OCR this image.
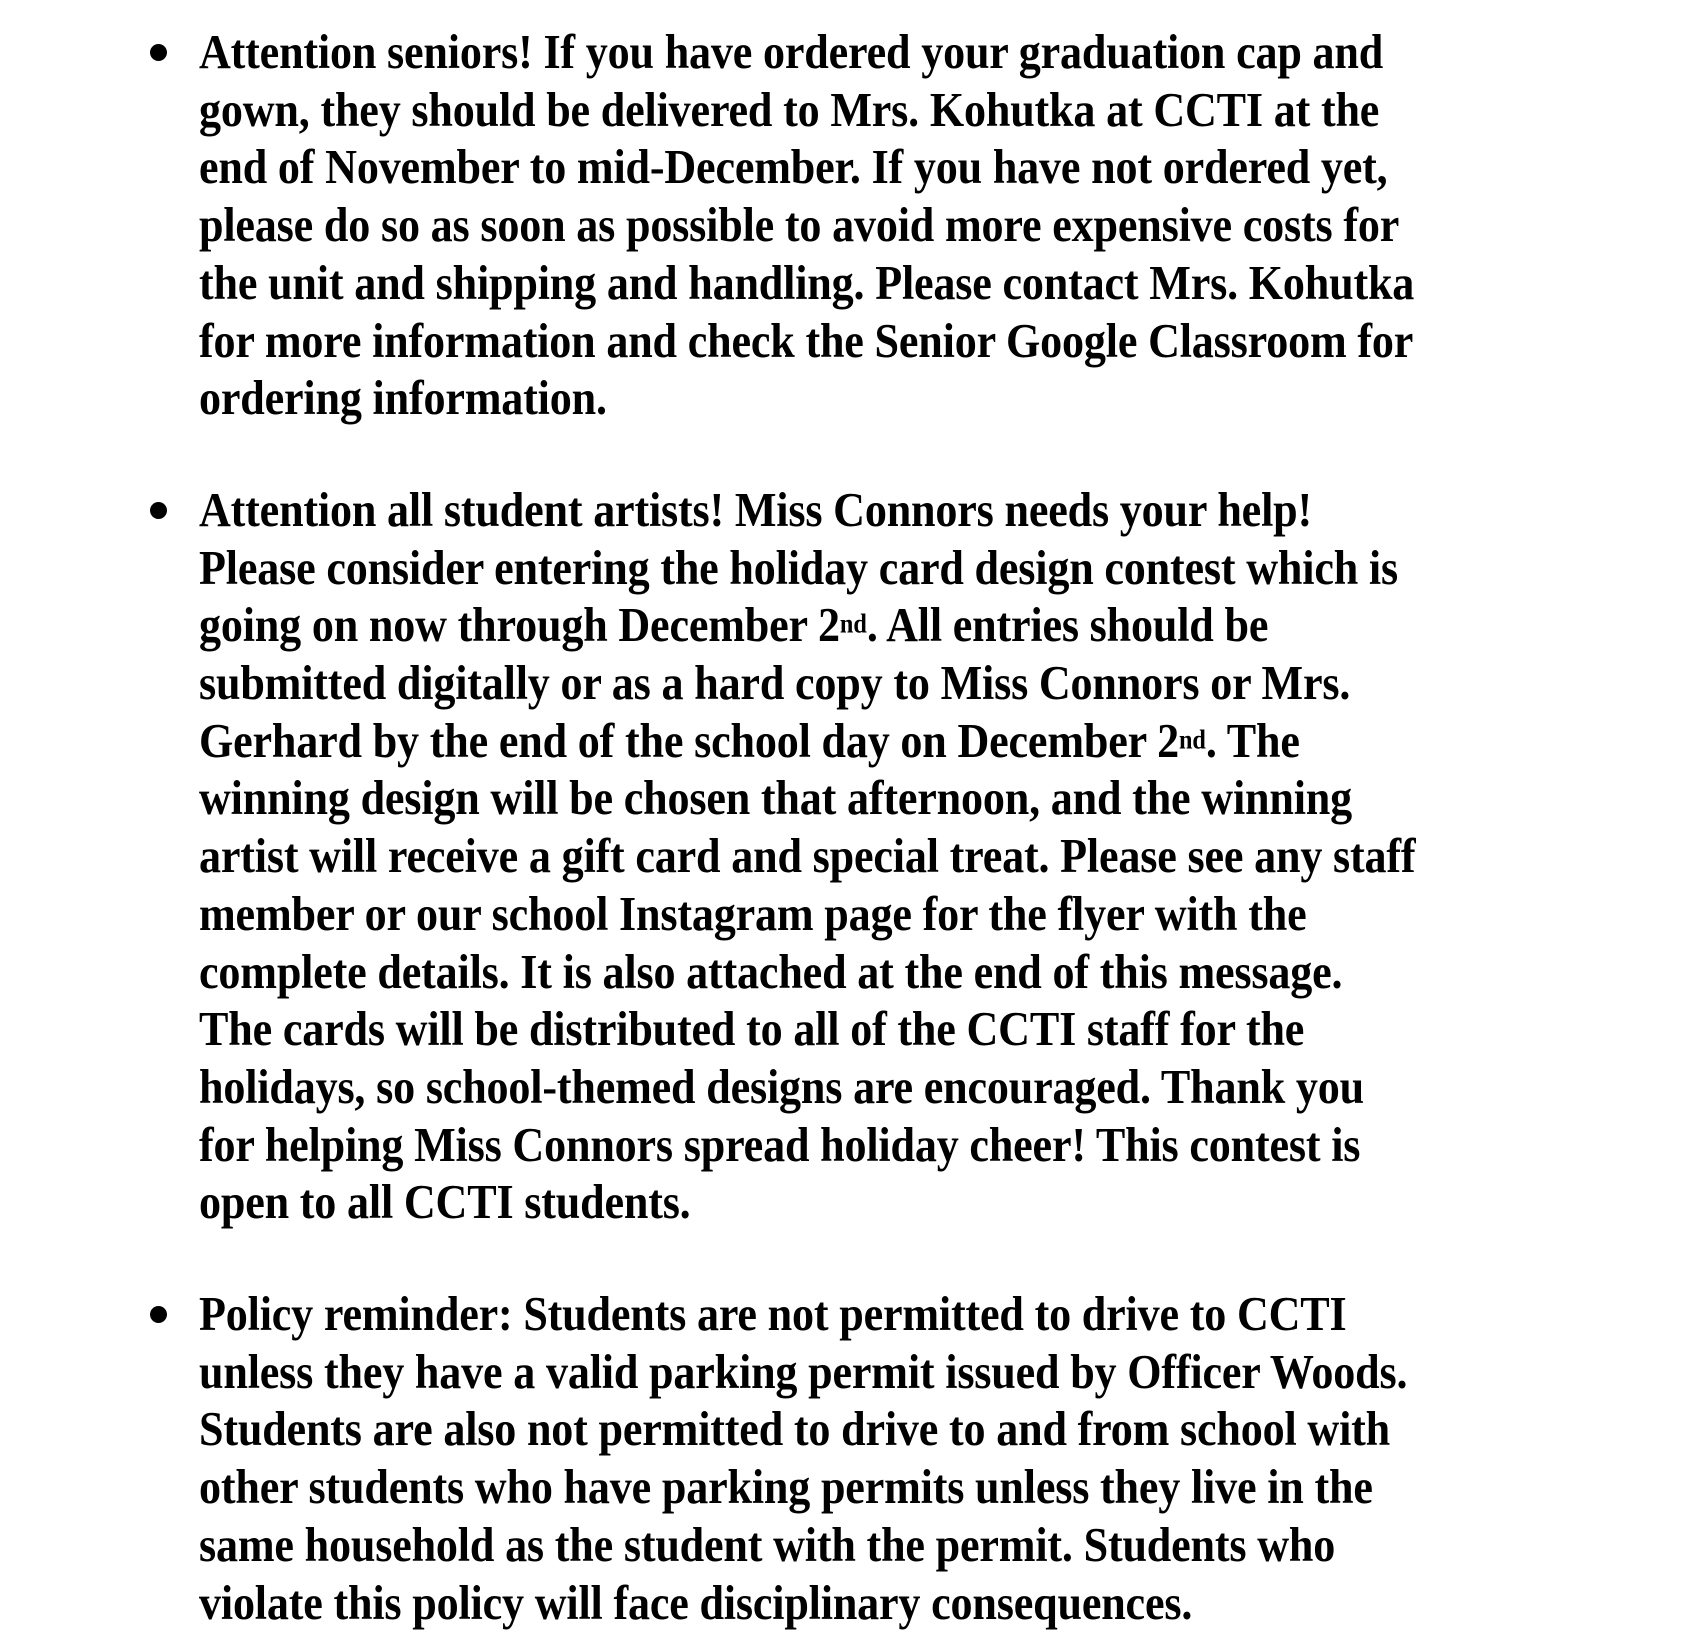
Attention seniors! If you have ordered your graduation cap and
gown, they should be delivered to Mrs. Kohutka at CCTI at the
end of November to mid-December. If you have not ordered yet,
please do so as soon as possible to avoid more expensive costs for
the unit and shipping and handling. Please contact Mrs. Kohutka
for more information and check the Senior Google Classroom for
ordering information.
Attention all student artists! Miss Connors needs your help!
Please consider entering the holiday card design contest which is
going on now through December 2nd. All entries should be
submitted digitally or as a hard copy to Miss Connors or Mrs.
Gerhard by the end of the school day on December 2nd. The
winning design will be chosen that afternoon, and the winning
artist will receive a gift card and special treat. Please see any staff
member or our school Instagram page for the flyer with the
complete details. It is also attached at the end of this message.
The cards will be distributed to all of the CCTI staff for the
holidays, so school-themed designs are encouraged. Thank you
for helping Miss Connors spread holiday cheer! This contest is
open to all CCTI students.
Policy reminder: Students are not permitted to drive to CCTI
unless they have a valid parking permit issued by Officer Woods.
Students are also not permitted to drive to and from school with
other students who have parking permits unless they live in the
same household as the student with the permit. Students who
violate this policy will face disciplinary consequences.
